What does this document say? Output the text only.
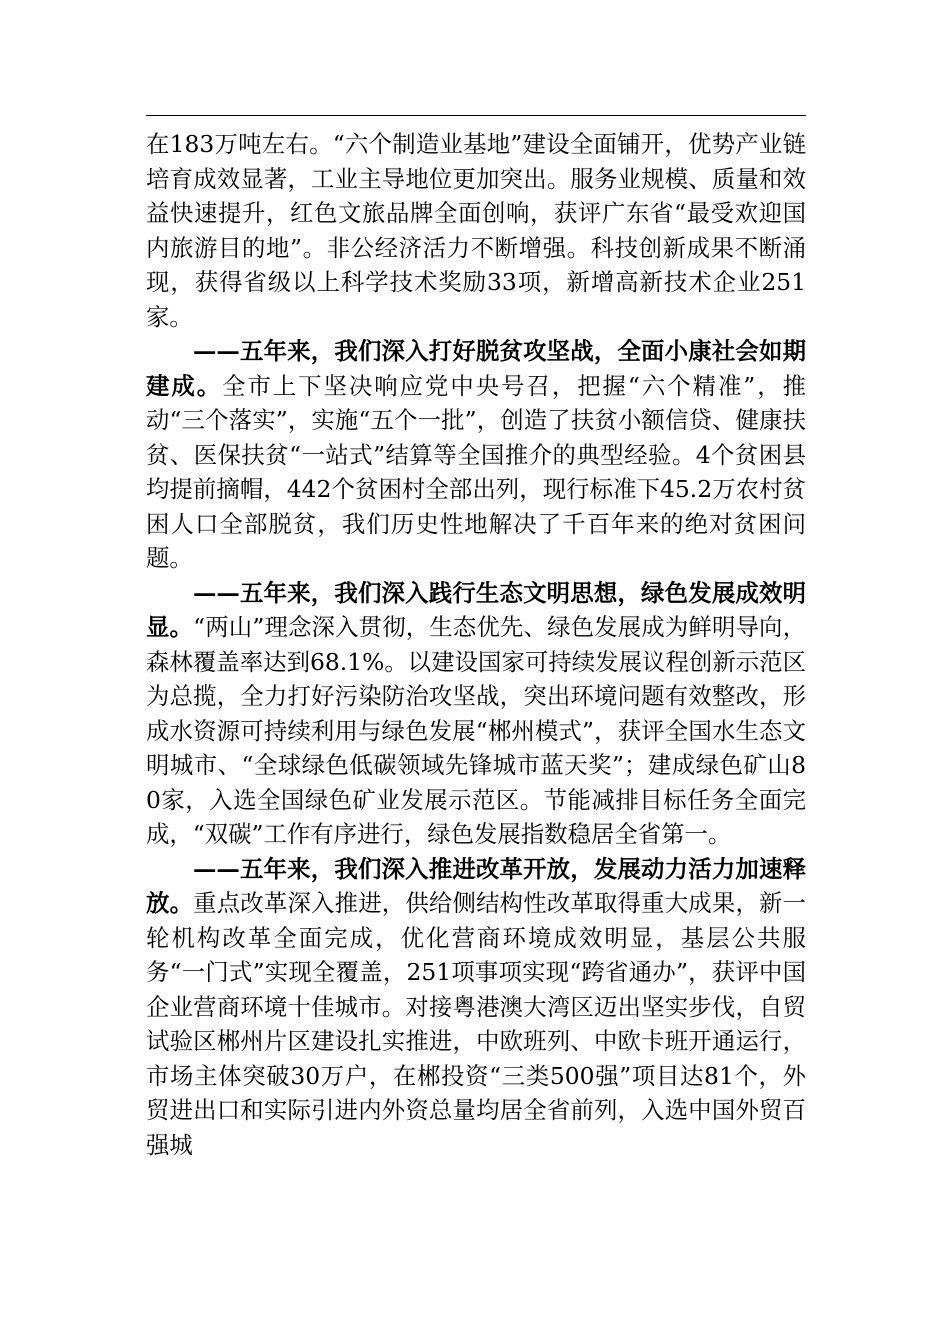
在183万吨左右。“六个制造业基地”建设全面铺开，优势产业链培育成效显著，工业主导地位更加突出。服务业规模、质量和效益快速提升，红色文旅品牌全面创响，获评广东省“最受欢迎国内旅游目的地”。非公经济活力不断增强。科技创新成果不断涌现，获得省级以上科学技术奖励33项，新增高新技术企业251家。

——五年来，我们深入打好脱贫攻坚战，全面小康社会如期建成。全市上下坚决响应党中央号召，把握“六个精准”，推动“三个落实”，实施“五个一批”，创造了扶贫小额信贷、健康扶贫、医保扶贫“一站式”结算等全国推介的典型经验。4个贫困县均提前摘帽，442个贫困村全部出列，现行标准下45.2万农村贫困人口全部脱贫，我们历史性地解决了千百年来的绝对贫困问题。

——五年来，我们深入践行生态文明思想，绿色发展成效明显。“两山”理念深入贯彻，生态优先、绿色发展成为鲜明导向，森林覆盖率达到68.1%。以建设国家可持续发展议程创新示范区为总揽，全力打好污染防治攻坚战，突出环境问题有效整改，形成水资源可持续利用与绿色发展“郴州模式”，获评全国水生态文明城市、“全球绿色低碳领域先锋城市蓝天奖”；建成绿色矿山80家，入选全国绿色矿业发展示范区。节能减排目标任务全面完成，“双碳”工作有序进行，绿色发展指数稳居全省第一。

——五年来，我们深入推进改革开放，发展动力活力加速释放。重点改革深入推进，供给侧结构性改革取得重大成果，新一轮机构改革全面完成，优化营商环境成效明显，基层公共服务“一门式”实现全覆盖，251项事项实现“跨省通办”，获评中国企业营商环境十佳城市。对接粤港澳大湾区迈出坚实步伐，自贸试验区郴州片区建设扎实推进，中欧班列、中欧卡班开通运行，市场主体突破30万户，在郴投资“三类500强”项目达81个，外贸进出口和实际引进内外资总量均居全省前列，入选中国外贸百强城
